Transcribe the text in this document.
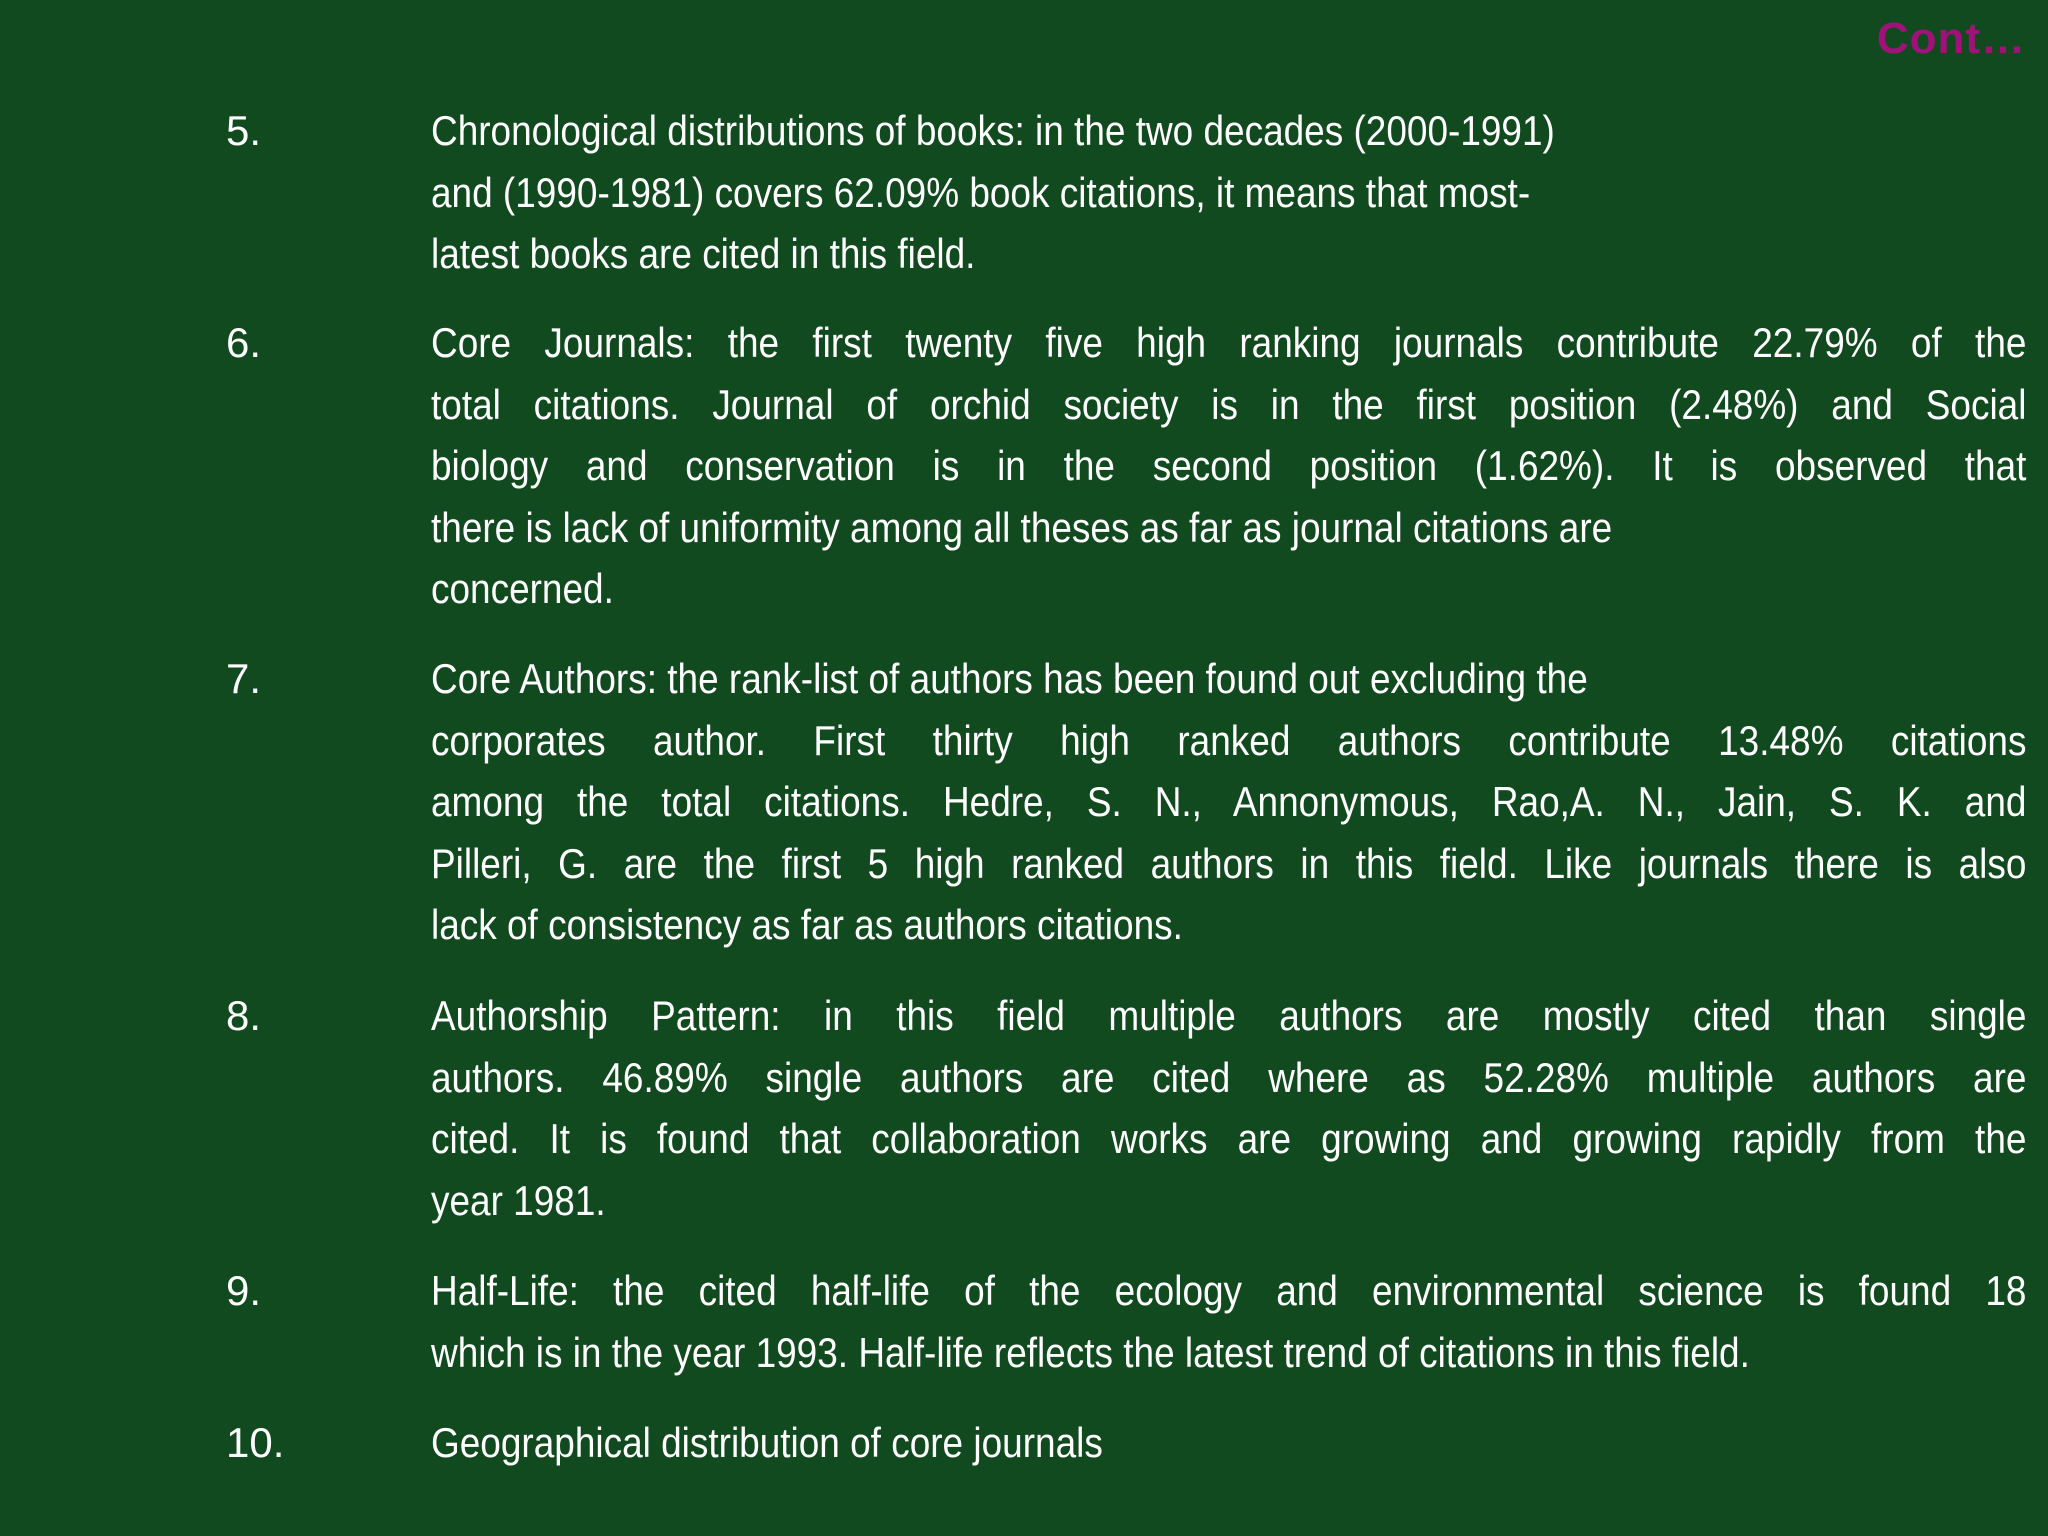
Cont…
5.	Chronological distributions of books: in the two decades (2000-1991)
and (1990-1981) covers 62.09% book citations, it means that most-
latest books are cited in this field.
6.	Core Journals: the first twenty five high ranking journals contribute 22.79% of the
total citations. Journal of orchid society is in the first position (2.48%) and Social
biology and conservation is in the second position (1.62%). It is observed that
there is lack of uniformity among all theses as far as journal citations are
concerned.
7.	Core Authors: the rank-list of authors has been found out excluding the
corporates author. First thirty high ranked authors contribute 13.48% citations
among the total citations. Hedre, S. N., Annonymous, Rao,A. N., Jain, S. K. and
Pilleri, G. are the first 5 high ranked authors in this field. Like journals there is also
lack of consistency as far as authors citations.
8.	Authorship Pattern: in this field multiple authors are mostly cited than single
authors. 46.89% single authors are cited where as 52.28% multiple authors are
cited. It is found that collaboration works are growing and growing rapidly from the
year 1981.
9.	Half-Life: the cited half-life of the ecology and environmental science is found 18
which is in the year 1993. Half-life reflects the latest trend of citations in this field.
10.	Geographical distribution of core journals
